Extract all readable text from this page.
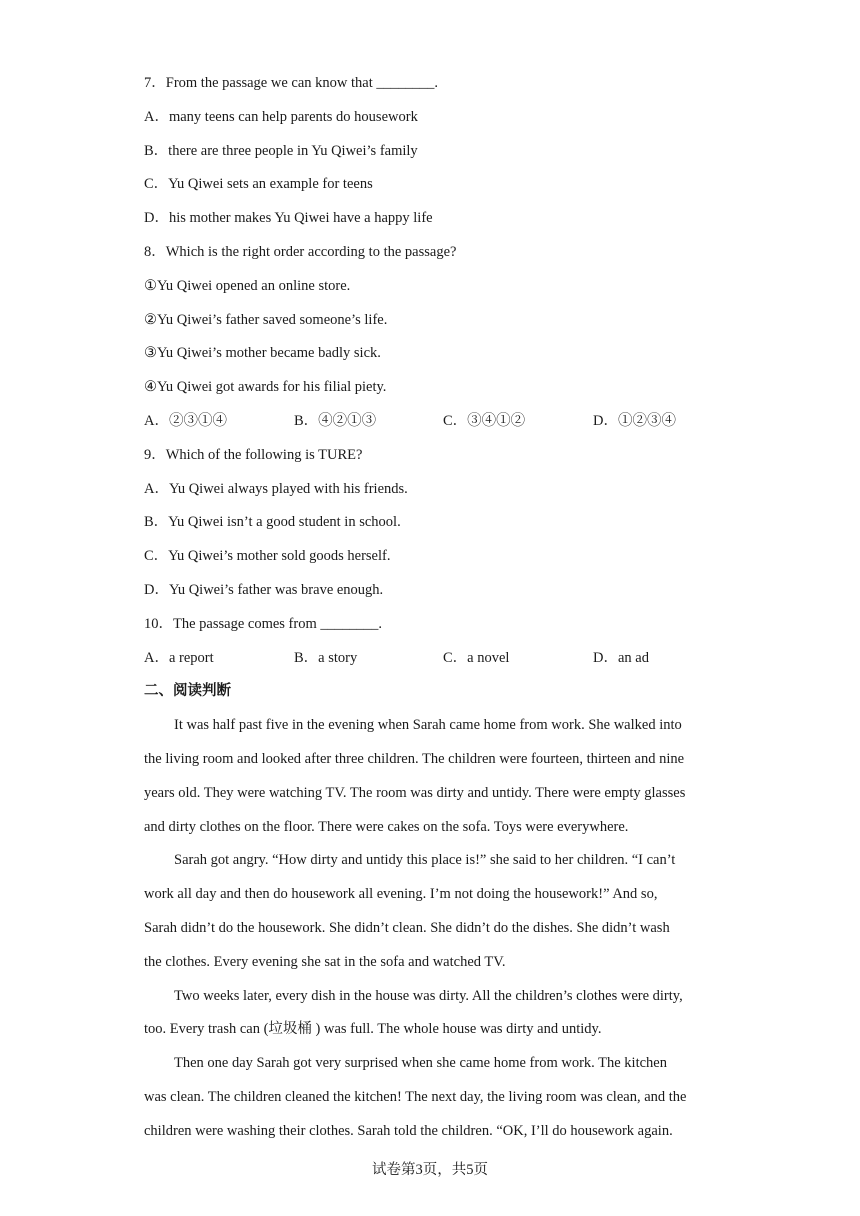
7．From the passage we can know that ________.
A．many teens can help parents do housework
B．there are three people in Yu Qiwei’s family
C．Yu Qiwei sets an example for teens
D．his mother makes Yu Qiwei have a happy life
8．Which is the right order according to the passage?
①Yu Qiwei opened an online store.
②Yu Qiwei’s father saved someone’s life.
③Yu Qiwei’s mother became badly sick.
④Yu Qiwei got awards for his filial piety.
A．②③①④	B．④②①③	C．③④①②	D．①②③④
9．Which of the following is TURE?
A．Yu Qiwei always played with his friends.
B．Yu Qiwei isn’t a good student in school.
C．Yu Qiwei’s mother sold goods herself.
D．Yu Qiwei’s father was brave enough.
10．The passage comes from ________.
A．a report	B．a story	C．a novel	D．an ad
二、阅读判断
It was half past five in the evening when Sarah came home from work. She walked into
the living room and looked after three children. The children were fourteen, thirteen and nine
years old. They were watching TV. The room was dirty and untidy. There were empty glasses
and dirty clothes on the floor. There were cakes on the sofa. Toys were everywhere.
Sarah got angry. “How dirty and untidy this place is!” she said to her children. “I can’t
work all day and then do housework all evening. I’m not doing the housework!” And so,
Sarah didn’t do the housework. She didn’t clean. She didn’t do the dishes. She didn’t wash
the clothes. Every evening she sat in the sofa and watched TV.
Two weeks later, every dish in the house was dirty. All the children’s clothes were dirty,
too. Every trash can (垃圾桶 ) was full. The whole house was dirty and untidy.
Then one day Sarah got very surprised when she came home from work. The kitchen
was clean. The children cleaned the kitchen! The next day, the living room was clean, and the
children were washing their clothes. Sarah told the children. “OK, I’ll do housework again.
试卷第3页，共5页
